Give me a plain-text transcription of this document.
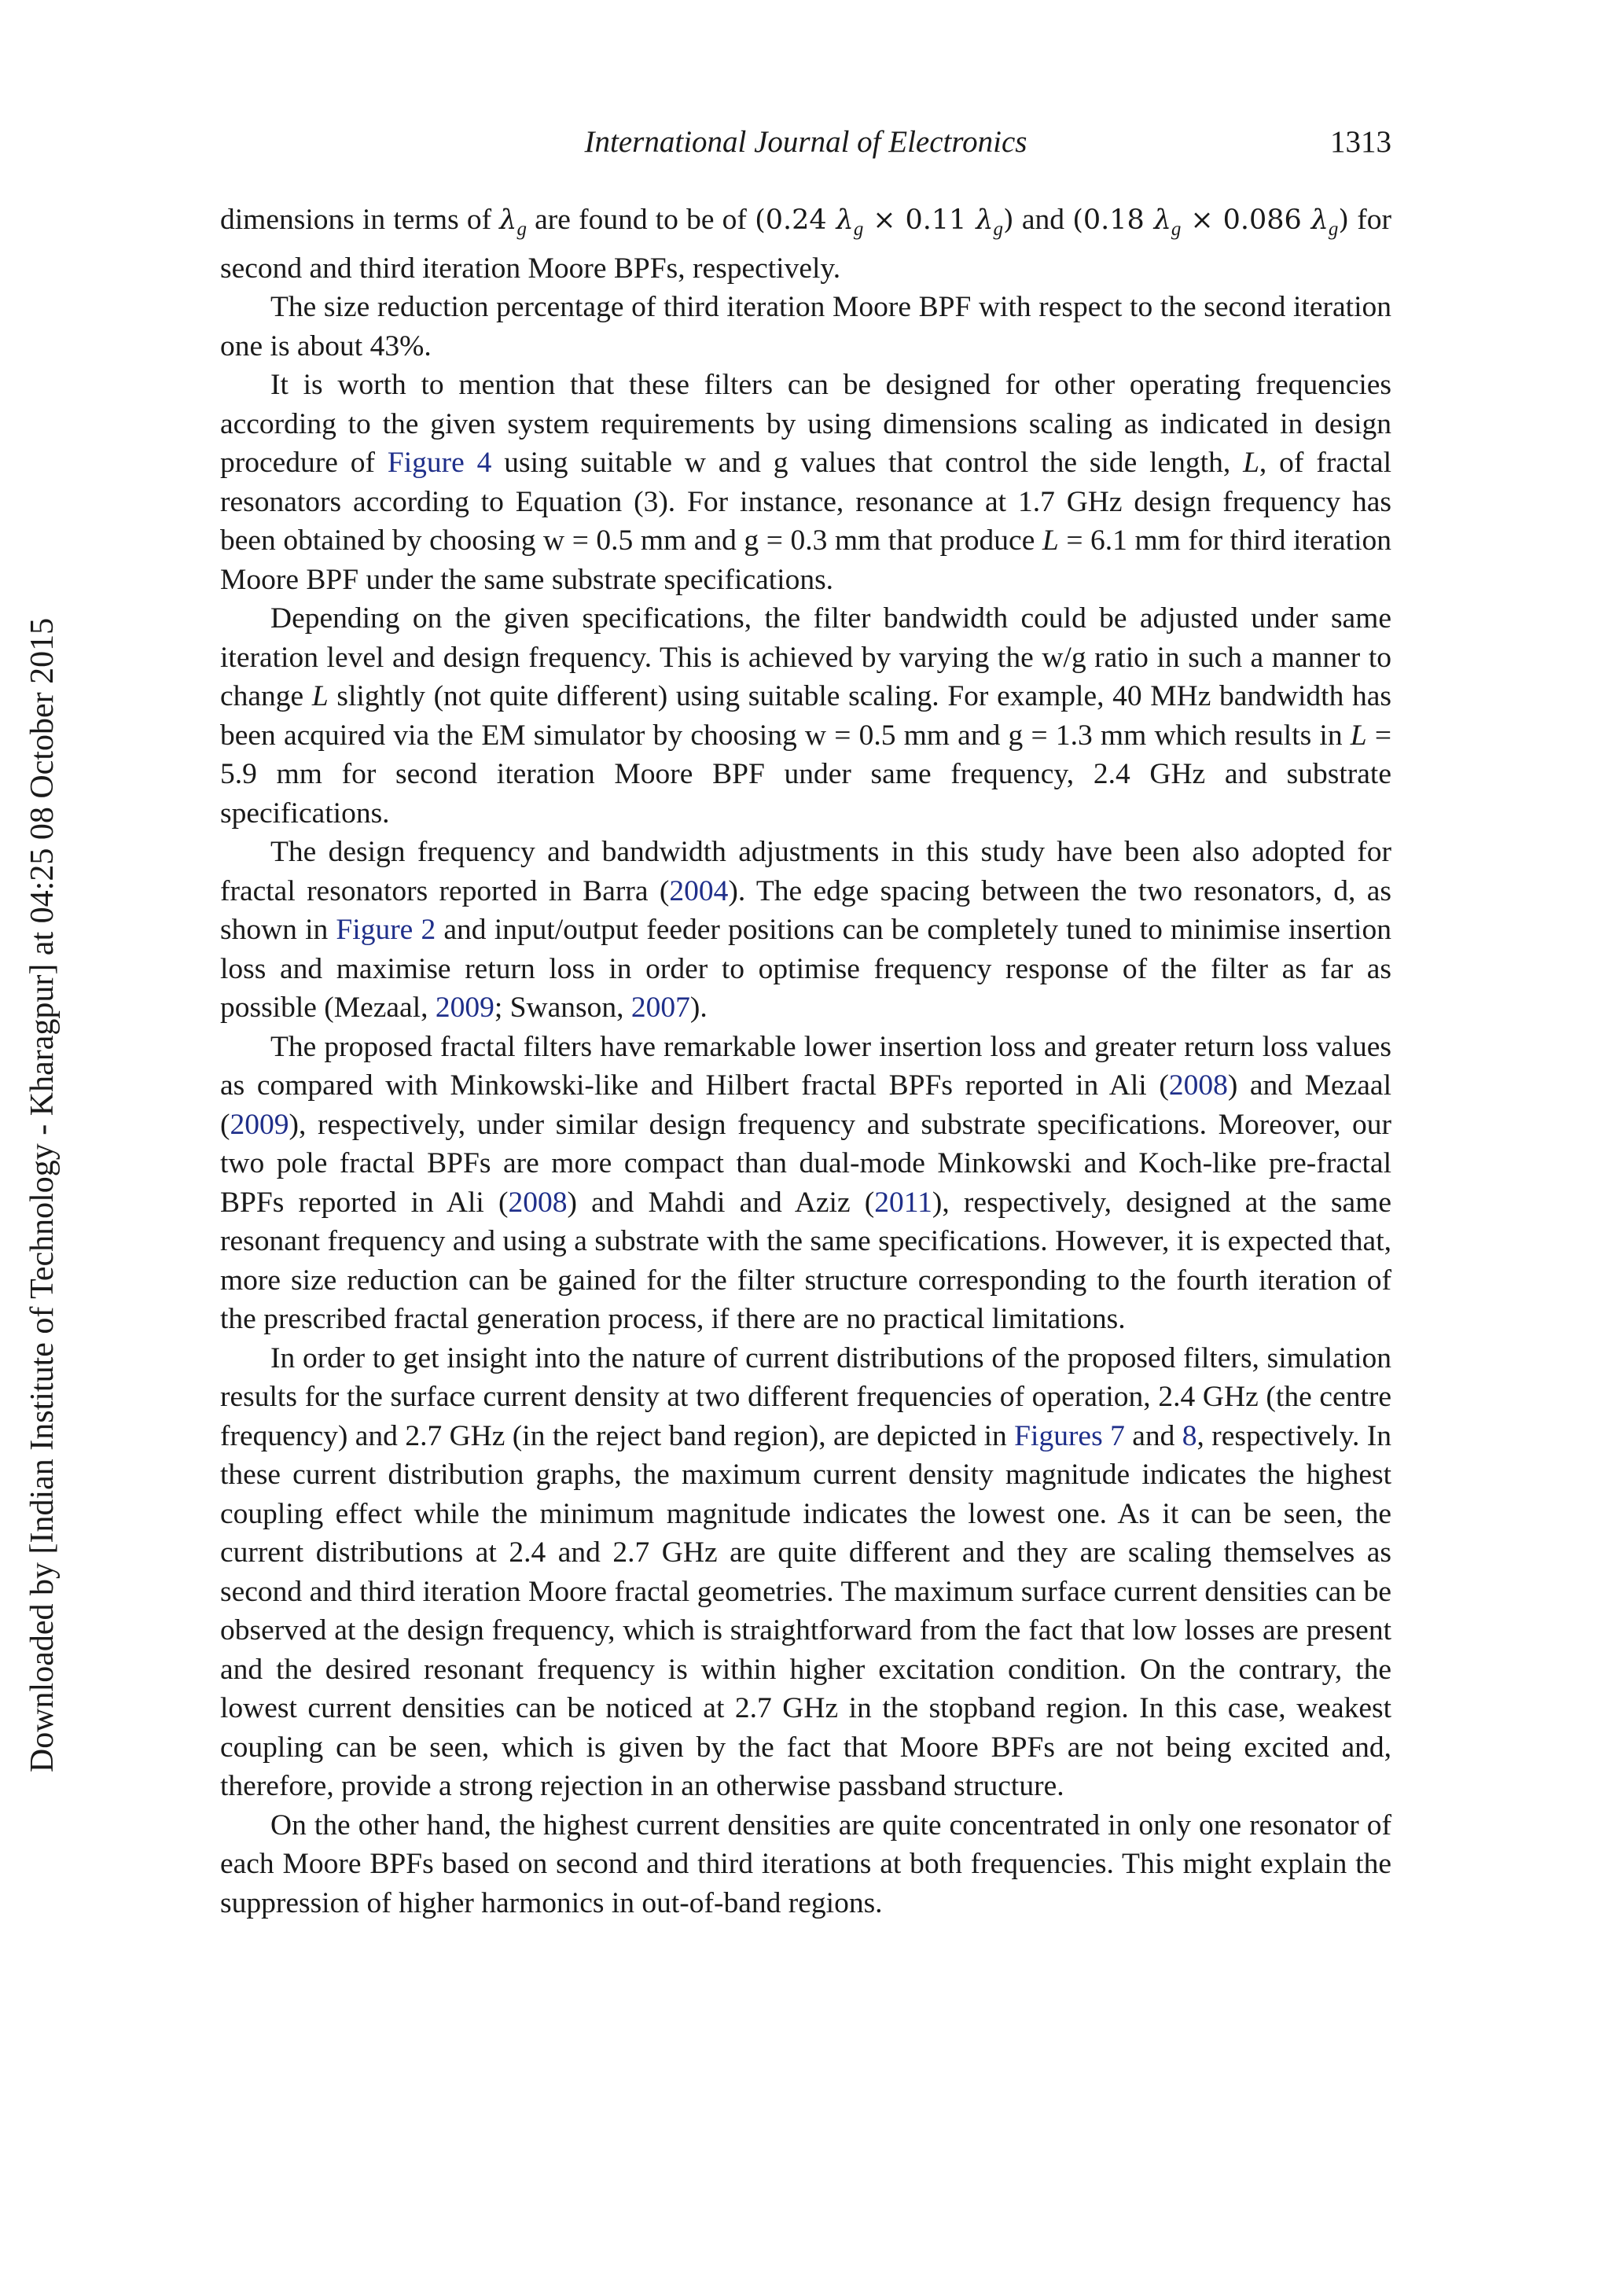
Downloaded by [Indian Institute of Technology - Kharagpur] at 04:25 08 October 2015
International Journal of Electronics	1313

dimensions in terms of $\lambda_g$ are found to be of (0.24 $\lambda_g \times 0.11$ $\lambda_g$) and (0.18 $\lambda_g \times 0.086$ $\lambda_g$) for second and third iteration Moore BPFs, respectively.

The size reduction percentage of third iteration Moore BPF with respect to the second iteration one is about 43%.

It is worth to mention that these filters can be designed for other operating frequencies according to the given system requirements by using dimensions scaling as indicated in design procedure of Figure 4 using suitable w and g values that control the side length, L, of fractal resonators according to Equation (3). For instance, resonance at 1.7 GHz design frequency has been obtained by choosing w = 0.5 mm and g = 0.3 mm that produce L = 6.1 mm for third iteration Moore BPF under the same substrate specifications.

Depending on the given specifications, the filter bandwidth could be adjusted under same iteration level and design frequency. This is achieved by varying the w/g ratio in such a manner to change L slightly (not quite different) using suitable scaling. For example, 40 MHz bandwidth has been acquired via the EM simulator by choosing w = 0.5 mm and g = 1.3 mm which results in L = 5.9 mm for second iteration Moore BPF under same frequency, 2.4 GHz and substrate specifications.

The design frequency and bandwidth adjustments in this study have been also adopted for fractal resonators reported in Barra (2004). The edge spacing between the two resonators, d, as shown in Figure 2 and input/output feeder positions can be completely tuned to minimise insertion loss and maximise return loss in order to optimise frequency response of the filter as far as possible (Mezaal, 2009; Swanson, 2007).

The proposed fractal filters have remarkable lower insertion loss and greater return loss values as compared with Minkowski-like and Hilbert fractal BPFs reported in Ali (2008) and Mezaal (2009), respectively, under similar design frequency and substrate specifications. Moreover, our two pole fractal BPFs are more compact than dual-mode Minkowski and Koch-like pre-fractal BPFs reported in Ali (2008) and Mahdi and Aziz (2011), respectively, designed at the same resonant frequency and using a substrate with the same specifications. However, it is expected that, more size reduction can be gained for the filter structure corresponding to the fourth iteration of the prescribed fractal generation process, if there are no practical limitations.

In order to get insight into the nature of current distributions of the proposed filters, simulation results for the surface current density at two different frequencies of operation, 2.4 GHz (the centre frequency) and 2.7 GHz (in the reject band region), are depicted in Figures 7 and 8, respectively. In these current distribution graphs, the maximum current density magnitude indicates the highest coupling effect while the minimum magnitude indicates the lowest one. As it can be seen, the current distributions at 2.4 and 2.7 GHz are quite different and they are scaling themselves as second and third iteration Moore fractal geometries. The maximum surface current densities can be observed at the design frequency, which is straightforward from the fact that low losses are present and the desired resonant frequency is within higher excitation condition. On the contrary, the lowest current densities can be noticed at 2.7 GHz in the stopband region. In this case, weakest coupling can be seen, which is given by the fact that Moore BPFs are not being excited and, therefore, provide a strong rejection in an otherwise passband structure.

On the other hand, the highest current densities are quite concentrated in only one resonator of each Moore BPFs based on second and third iterations at both frequencies. This might explain the suppression of higher harmonics in out-of-band regions.
